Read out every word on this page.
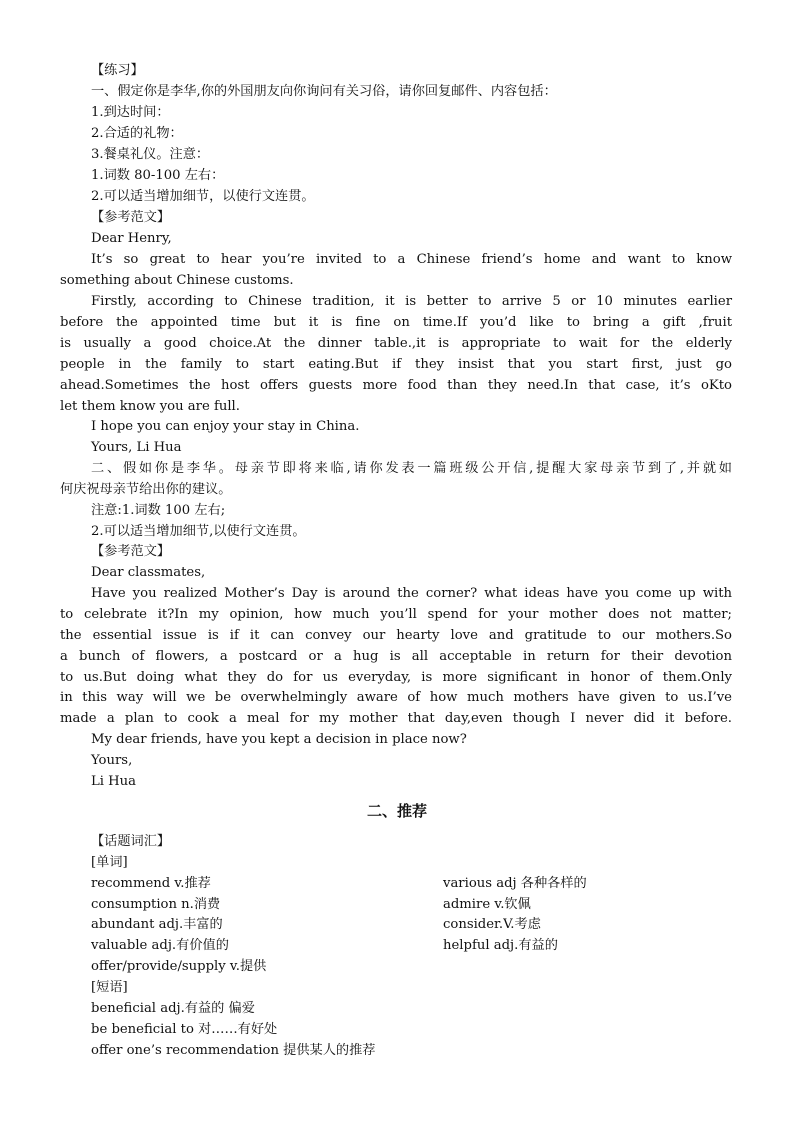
【练习】
一、假定你是李华,你的外国朋友向你询问有关习俗，请你回复邮件、内容包括：
1.到达时间：
2.合适的礼物：
3.餐桌礼仪。注意：
1.词数 80-100 左右：
2.可以适当增加细节，以使行文连贯。
【参考范文】
Dear Henry,
It’s so great to hear you’re invited to a Chinese friend’s home and want to know
something about Chinese customs.
Firstly, according to Chinese tradition, it is better to arrive 5 or 10 minutes earlier
before the appointed time but it is fine on time.If you’d like to bring a gift ,fruit
is usually a good choice.At the dinner table.,it is appropriate to wait for the elderly
people in the family to start eating.But if they insist that you start first, just go
ahead.Sometimes the host offers guests more food than they need.In that case, it’s oKto
let them know you are full.
I hope you can enjoy your stay in China.
Yours, Li Hua
二、假如你是李华。母亲节即将来临,请你发表一篇班级公开信,提醒大家母亲节到了,并就如
何庆祝母亲节给出你的建议。
注意:1.词数 100 左右;
2.可以适当增加细节,以使行文连贯。
【参考范文】
Dear classmates,
Have you realized Mother’s Day is around the corner? what ideas have you come up with
to celebrate it?In my opinion, how much you’ll spend for your mother does not matter;
the essential issue is if it can convey our hearty love and gratitude to our mothers.So
a bunch of flowers, a postcard or a hug is all acceptable in return for their devotion
to us.But doing what they do for us everyday, is more significant in honor of them.Only
in this way will we be overwhelmingly aware of how much mothers have given to us.I’ve
made a plan to cook a meal for my mother that day,even though I never did it before.
My dear friends, have you kept a decision in place now?
Yours,
Li Hua
二、推荐
【话题词汇】
[单词]
recommend v.推荐
consumption n.消费
abundant adj.丰富的
valuable adj.有价值的
offer/provide/supply v.提供
various adj 各种各样的
admire v.钦佩
consider.V.考虑
helpful adj.有益的
[短语]
beneficial adj.有益的 偏爱
be beneficial to 对……有好处
offer one’s recommendation 提供某人的推荐
